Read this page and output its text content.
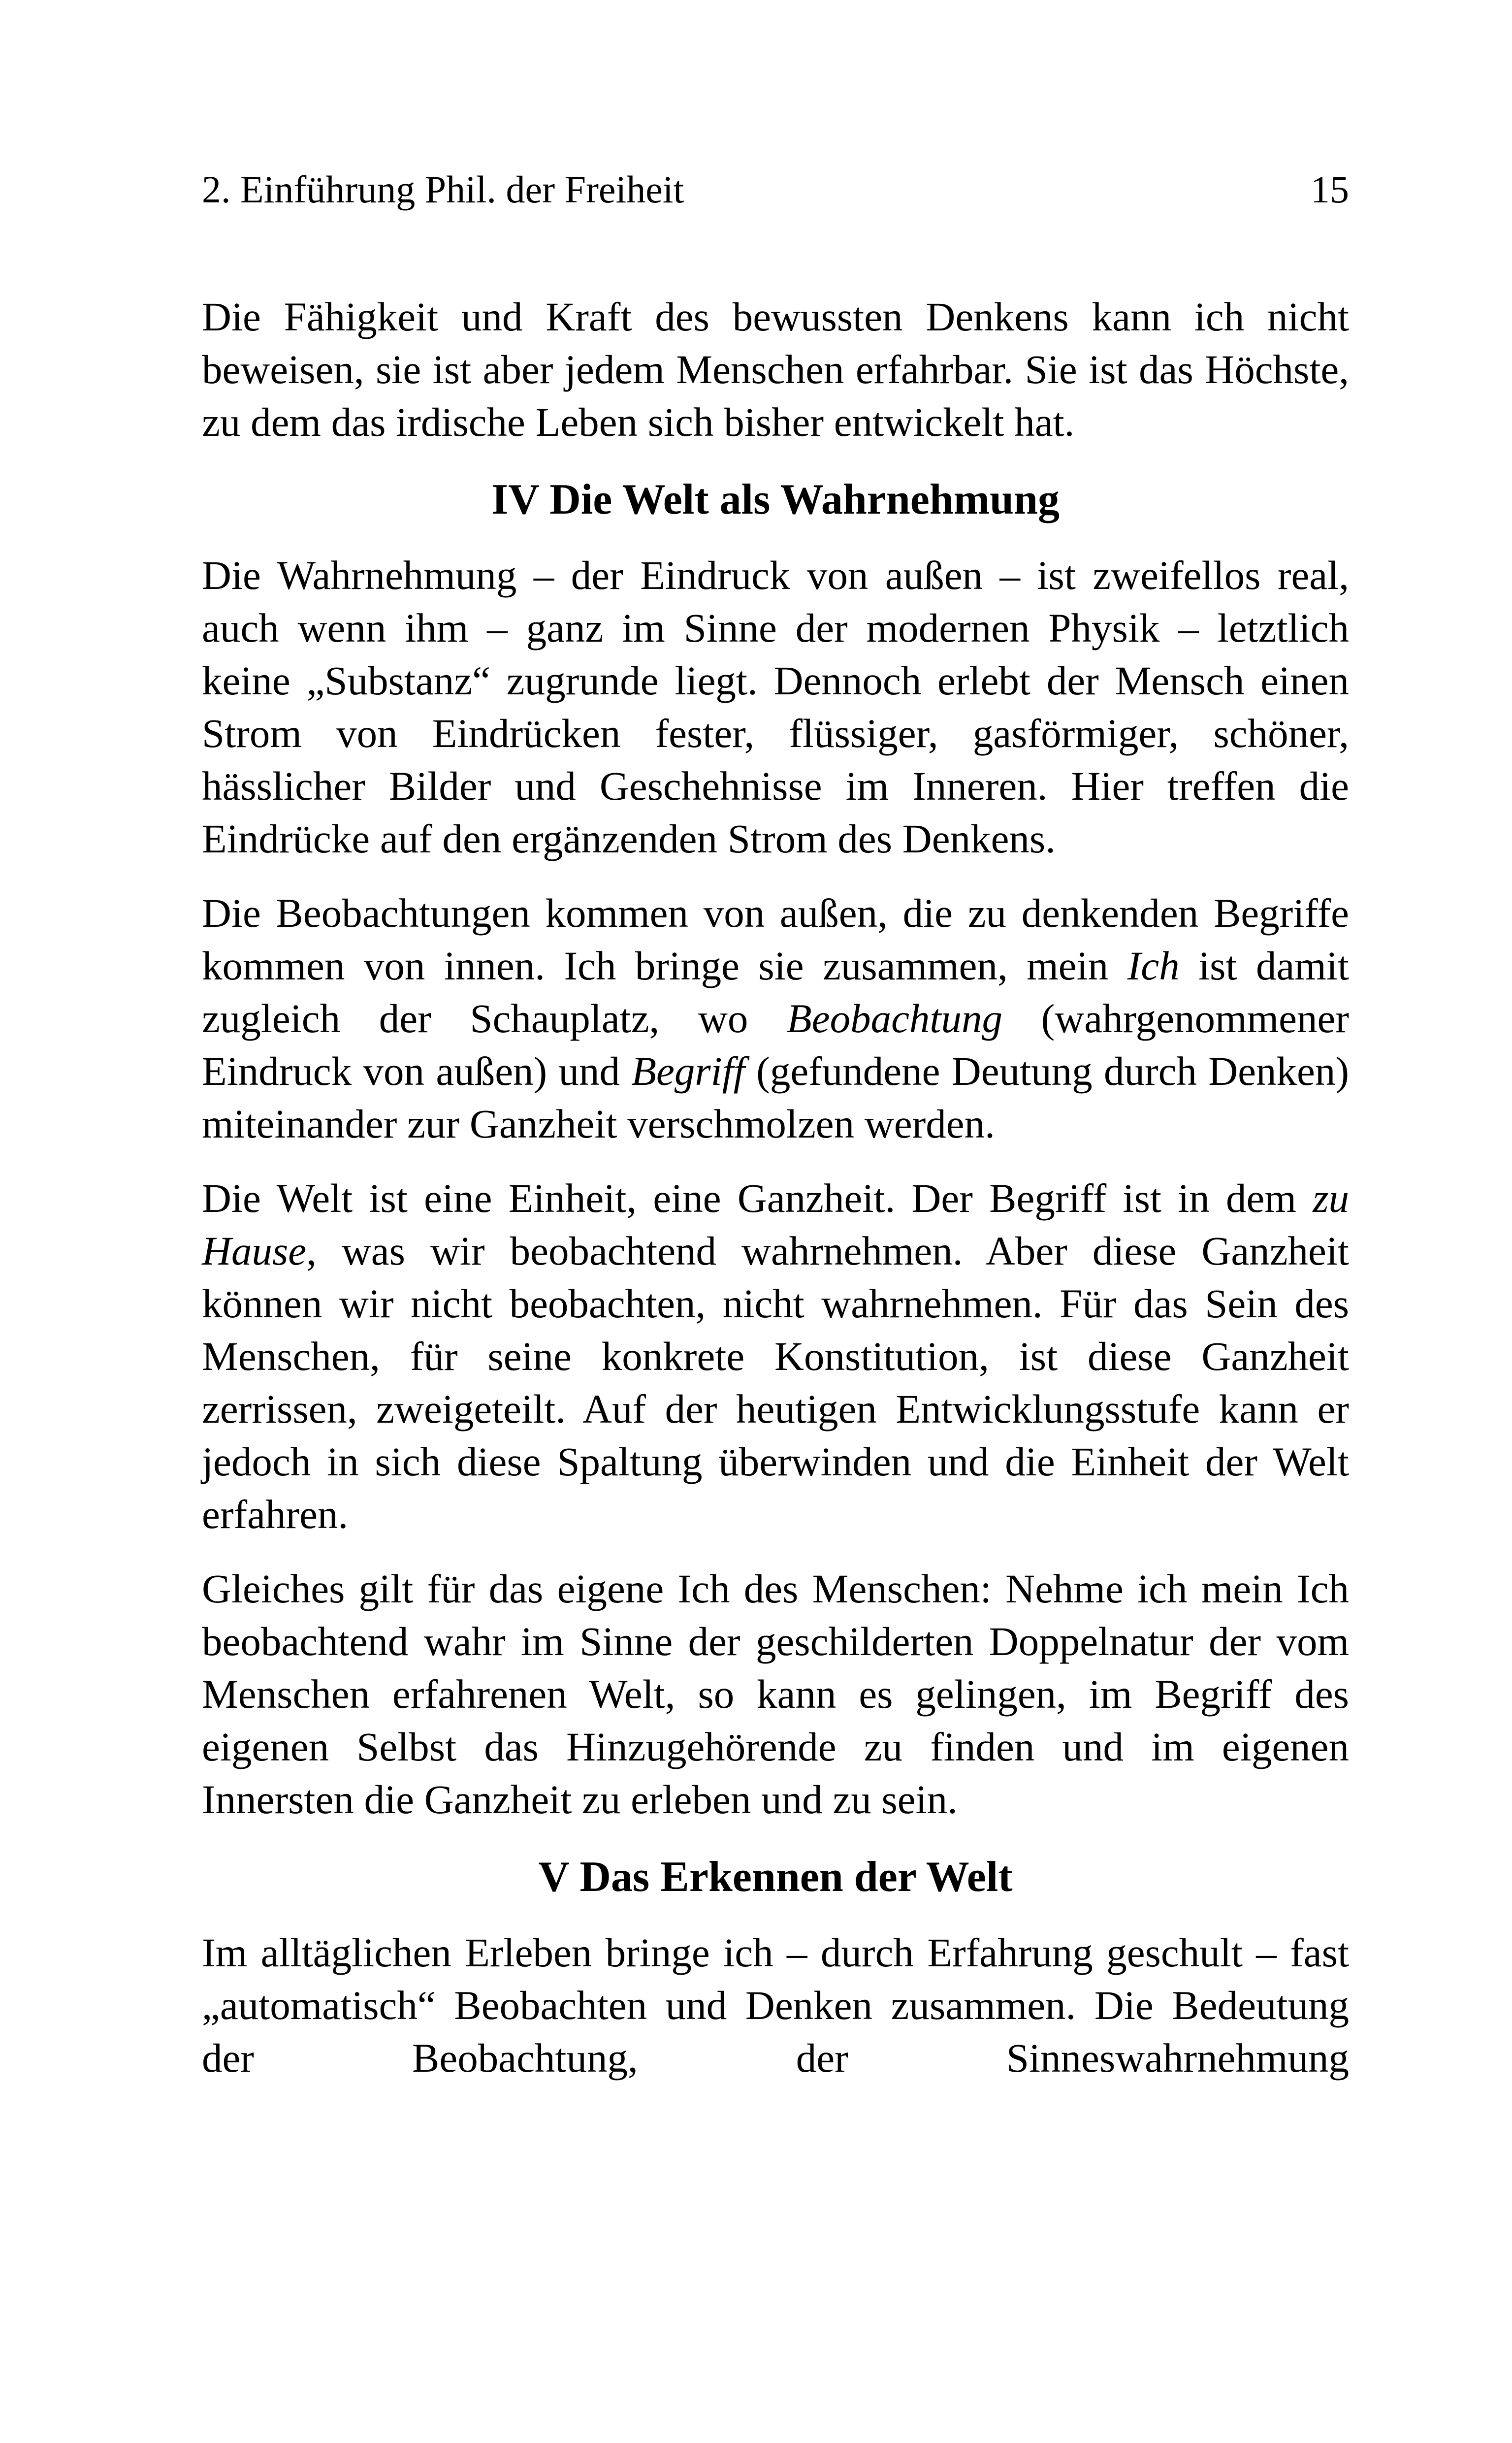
2. Einführung Phil. der Freiheit	15

Die Fähigkeit und Kraft des bewussten Denkens kann ich nicht beweisen, sie ist aber jedem Menschen erfahrbar. Sie ist das Höchste, zu dem das irdische Leben sich bisher entwickelt hat.

IV Die Welt als Wahrnehmung

Die Wahrnehmung – der Eindruck von außen – ist zweifellos real, auch wenn ihm – ganz im Sinne der modernen Physik – letztlich keine „Substanz“ zugrunde liegt. Dennoch erlebt der Mensch einen Strom von Eindrücken fester, flüssiger, gasförmiger, schöner, hässlicher Bilder und Geschehnisse im Inneren. Hier treffen die Eindrücke auf den ergänzenden Strom des Denkens.

Die Beobachtungen kommen von außen, die zu denkenden Begriffe kommen von innen. Ich bringe sie zusammen, mein Ich ist damit zugleich der Schauplatz, wo Beobachtung (wahrgenommener Eindruck von außen) und Begriff (gefundene Deutung durch Denken) miteinander zur Ganzheit verschmolzen werden.

Die Welt ist eine Einheit, eine Ganzheit. Der Begriff ist in dem zu Hause, was wir beobachtend wahrnehmen. Aber diese Ganzheit können wir nicht beobachten, nicht wahrnehmen. Für das Sein des Menschen, für seine konkrete Konstitution, ist diese Ganzheit zerrissen, zweigeteilt. Auf der heutigen Entwicklungsstufe kann er jedoch in sich diese Spaltung überwinden und die Einheit der Welt erfahren.

Gleiches gilt für das eigene Ich des Menschen: Nehme ich mein Ich beobachtend wahr im Sinne der geschilderten Doppelnatur der vom Menschen erfahrenen Welt, so kann es gelingen, im Begriff des eigenen Selbst das Hinzugehörende zu finden und im eigenen Innersten die Ganzheit zu erleben und zu sein.

V Das Erkennen der Welt

Im alltäglichen Erleben bringe ich – durch Erfahrung geschult – fast „automatisch“ Beobachten und Denken zusammen. Die Bedeutung der Beobachtung, der Sinneswahrnehmung
